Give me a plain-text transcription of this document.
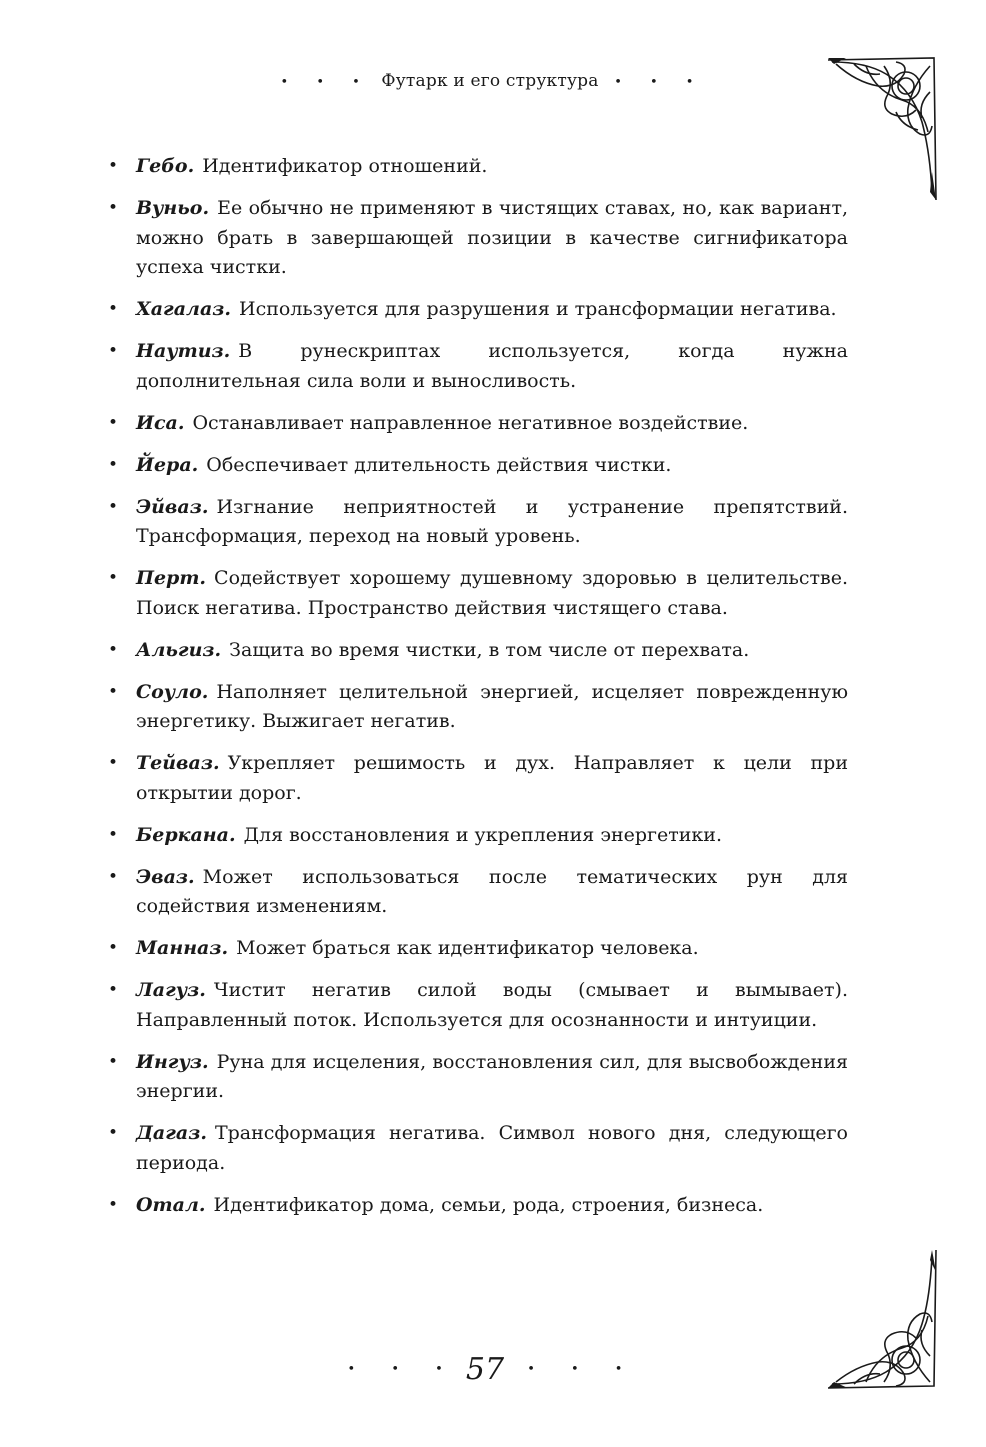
• • • Футарк и его структура • • •
• Гебо. Идентификатор отношений.
• Вуньо. Ее обычно не применяют в чистящих ставах, но, как вариант, можно брать в завершающей позиции в качестве сигнификатора успеха чистки.
• Хагалаз. Используется для разрушения и трансформации негатива.
• Наутиз. В рунескриптах используется, когда нужна дополнительная сила воли и выносливость.
• Иса. Останавливает направленное негативное воздействие.
• Йера. Обеспечивает длительность действия чистки.
• Эйваз. Изгнание неприятностей и устранение препятствий. Трансформация, переход на новый уровень.
• Перт. Содействует хорошему душевному здоровью в целительстве. Поиск негатива. Пространство действия чистящего става.
• Альгиз. Защита во время чистки, в том числе от перехвата.
• Соуло. Наполняет целительной энергией, исцеляет поврежденную энергетику. Выжигает негатив.
• Тейваз. Укрепляет решимость и дух. Направляет к цели при открытии дорог.
• Беркана. Для восстановления и укрепления энергетики.
• Эваз. Может использоваться после тематических рун для содействия изменениям.
• Манназ. Может браться как идентификатор человека.
• Лагуз. Чистит негатив силой воды (смывает и вымывает). Направленный поток. Используется для осознанности и интуиции.
• Ингуз. Руна для исцеления, восстановления сил, для высвобождения энергии.
• Дагаз. Трансформация негатива. Символ нового дня, следующего периода.
• Отал. Идентификатор дома, семьи, рода, строения, бизнеса.
• • • 57 • • •
